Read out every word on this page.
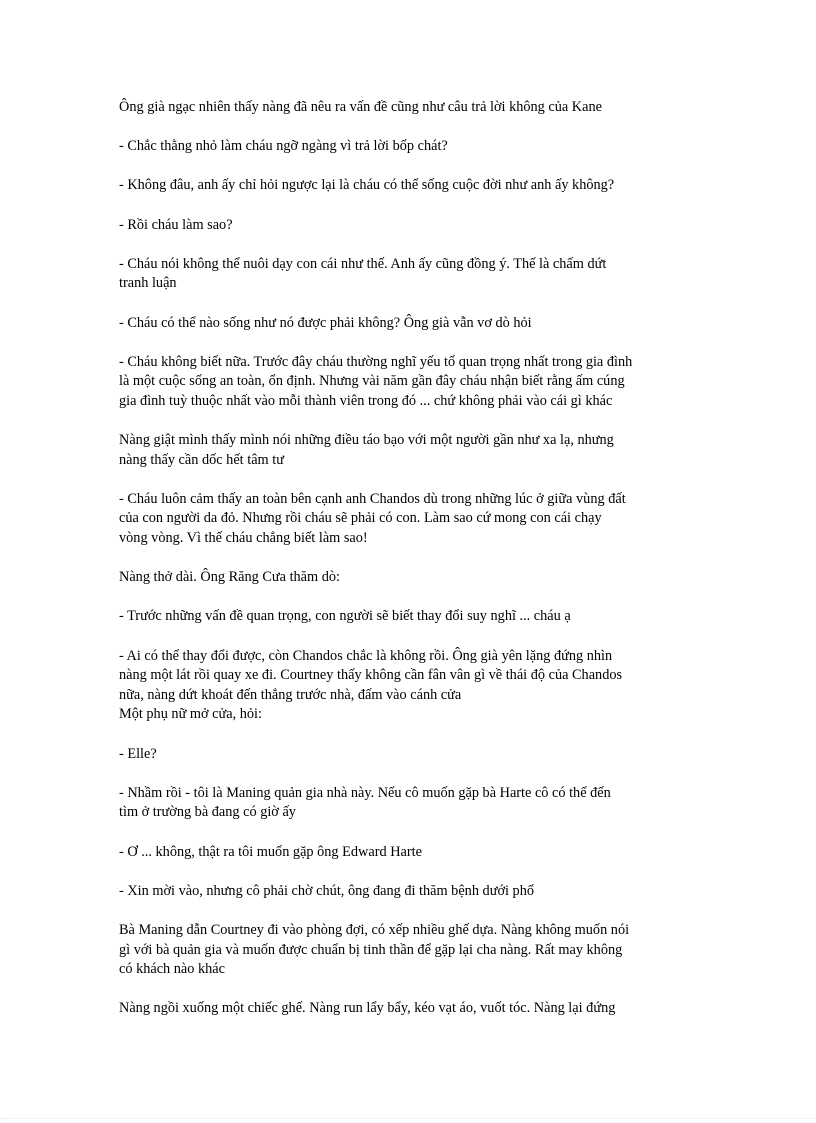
Ông già ngạc nhiên thấy nàng đã nêu ra vấn đề cũng như câu trả lời không của Kane

- Chắc thằng nhỏ làm cháu ngỡ ngàng vì trả lời bốp chát?

- Không đâu, anh ấy chỉ hỏi ngược lại là cháu có thể sống cuộc đời như anh ấy không?

- Rồi cháu làm sao?

- Cháu nói không thể nuôi dạy con cái như thế. Anh ấy cũng đồng ý. Thế là chấm dứt
tranh luận

- Cháu có thể nào sống như nó được phải không? Ông già vẫn vơ dò hỏi

- Cháu không biết nữa. Trước đây cháu thường nghĩ yếu tố quan trọng nhất trong gia đình
là một cuộc sống an toàn, ổn định. Nhưng vài năm gần đây cháu nhận biết rằng ấm cúng
gia đình tuỳ thuộc nhất vào mỗi thành viên trong đó ... chứ không phải vào cái gì khác

Nàng giật mình thấy mình nói những điều táo bạo với một người gần như xa lạ, nhưng
nàng thấy cần dốc hết tâm tư

- Cháu luôn cảm thấy an toàn bên cạnh anh Chandos dù trong những lúc ở giữa vùng đất
của con người da đỏ. Nhưng rồi cháu sẽ phải có con. Làm sao cứ mong con cái chạy
vòng vòng. Vì thế cháu chẳng biết làm sao!

Nàng thở dài. Ông Răng Cưa thăm dò:

- Trước những vấn đề quan trọng, con người sẽ biết thay đổi suy nghĩ ... cháu ạ

- Ai có thể thay đổi được, còn Chandos chắc là không rồi. Ông già yên lặng đứng nhìn
nàng một lát rồi quay xe đi. Courtney thấy không cần fân vân gì về thái độ của Chandos
nữa, nàng dứt khoát đến thẳng trước nhà, đấm vào cánh cửa
Một phụ nữ mở cửa, hỏi:

- Elle?

- Nhầm rồi - tôi là Maning quản gia nhà này. Nếu cô muốn gặp bà Harte cô có thể đến
tìm ở trường bà đang có giờ ấy

- Ơ ... không, thật ra tôi muốn gặp ông Edward Harte

- Xin mời vào, nhưng cô phải chờ chút, ông đang đi thăm bệnh dưới phố

Bà Maning dẫn Courtney đi vào phòng đợi, có xếp nhiều ghế dựa. Nàng không muốn nói
gì với bà quản gia và muốn được chuẩn bị tinh thần để gặp lại cha nàng. Rất may không
có khách nào khác

Nàng ngồi xuống một chiếc ghế. Nàng run lẩy bẩy, kéo vạt áo, vuốt tóc. Nàng lại đứng
